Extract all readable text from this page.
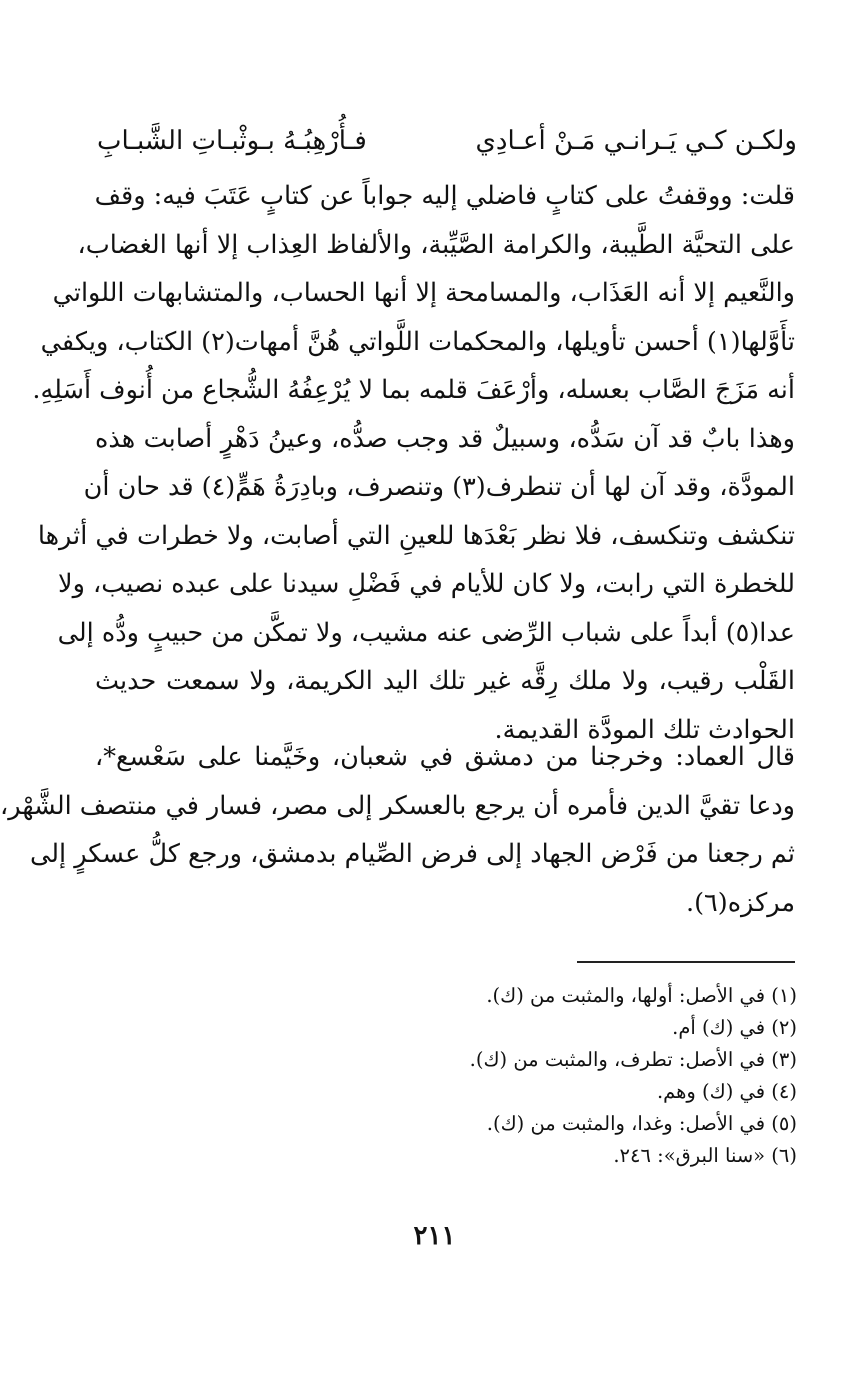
ولكـن كـي يَـرانـي مَـنْ أعـادِي
فـأُرْهِبُـهُ بـوثْبـاتِ الشَّبـابِ

قلت: ووقفتُ على كتابٍ فاضلي إليه جواباً عن كتابٍ عَتَبَ فيه: وقف
على التحيَّة الطَّيبة، والكرامة الصَّيِّبة، والألفاظ العِذاب إلا أنها الغضاب،
والنَّعيم إلا أنه العَذَاب، والمسامحة إلا أنها الحساب، والمتشابهات اللواتي
تأَوَّلها(١) أحسن تأويلها، والمحكمات اللَّواتي هُنَّ أمهات(٢) الكتاب، ويكفي
أنه مَزَجَ الصَّاب بعسله، وأرْعَفَ قلمه بما لا يُرْعِفُهُ الشُّجاع من أُنوف أَسَلِهِ.
وهذا بابٌ قد آن سَدُّه، وسبيلٌ قد وجب صدُّه، وعينُ دَهْرٍ أصابت هذه
المودَّة، وقد آن لها أن تنطرف(٣) وتنصرف، وبادِرَةُ هَمٍّ(٤) قد حان أن
تنكشف وتنكسف، فلا نظر بَعْدَها للعينِ التي أصابت، ولا خطرات في أثرها
للخطرة التي رابت، ولا كان للأيام في فَضْلِ سيدنا على عبده نصيب، ولا
عدا(٥) أبداً على شباب الرِّضى عنه مشيب، ولا تمكَّن من حبيبٍ ودُّه إلى
القَلْب رقيب، ولا ملك رِقَّه غير تلك اليد الكريمة، ولا سمعت حديث
الحوادث تلك المودَّة القديمة.

قال العماد: وخرجنا من دمشق في شعبان، وخَيَّمنا على سَعْسع*،
ودعا تقيَّ الدين فأمره أن يرجع بالعسكر إلى مصر، فسار في منتصف الشَّهْر،
ثم رجعنا من فَرْض الجهاد إلى فرض الصِّيام بدمشق، ورجع كلُّ عسكرٍ إلى
مركزه(٦).

(١) في الأصل: أولها، والمثبت من (ك).
(٢) في (ك) أم.
(٣) في الأصل: تطرف، والمثبت من (ك).
(٤) في (ك) وهم.
(٥) في الأصل: وغدا، والمثبت من (ك).
(٦) «سنا البرق»: ٢٤٦.
٢١١
